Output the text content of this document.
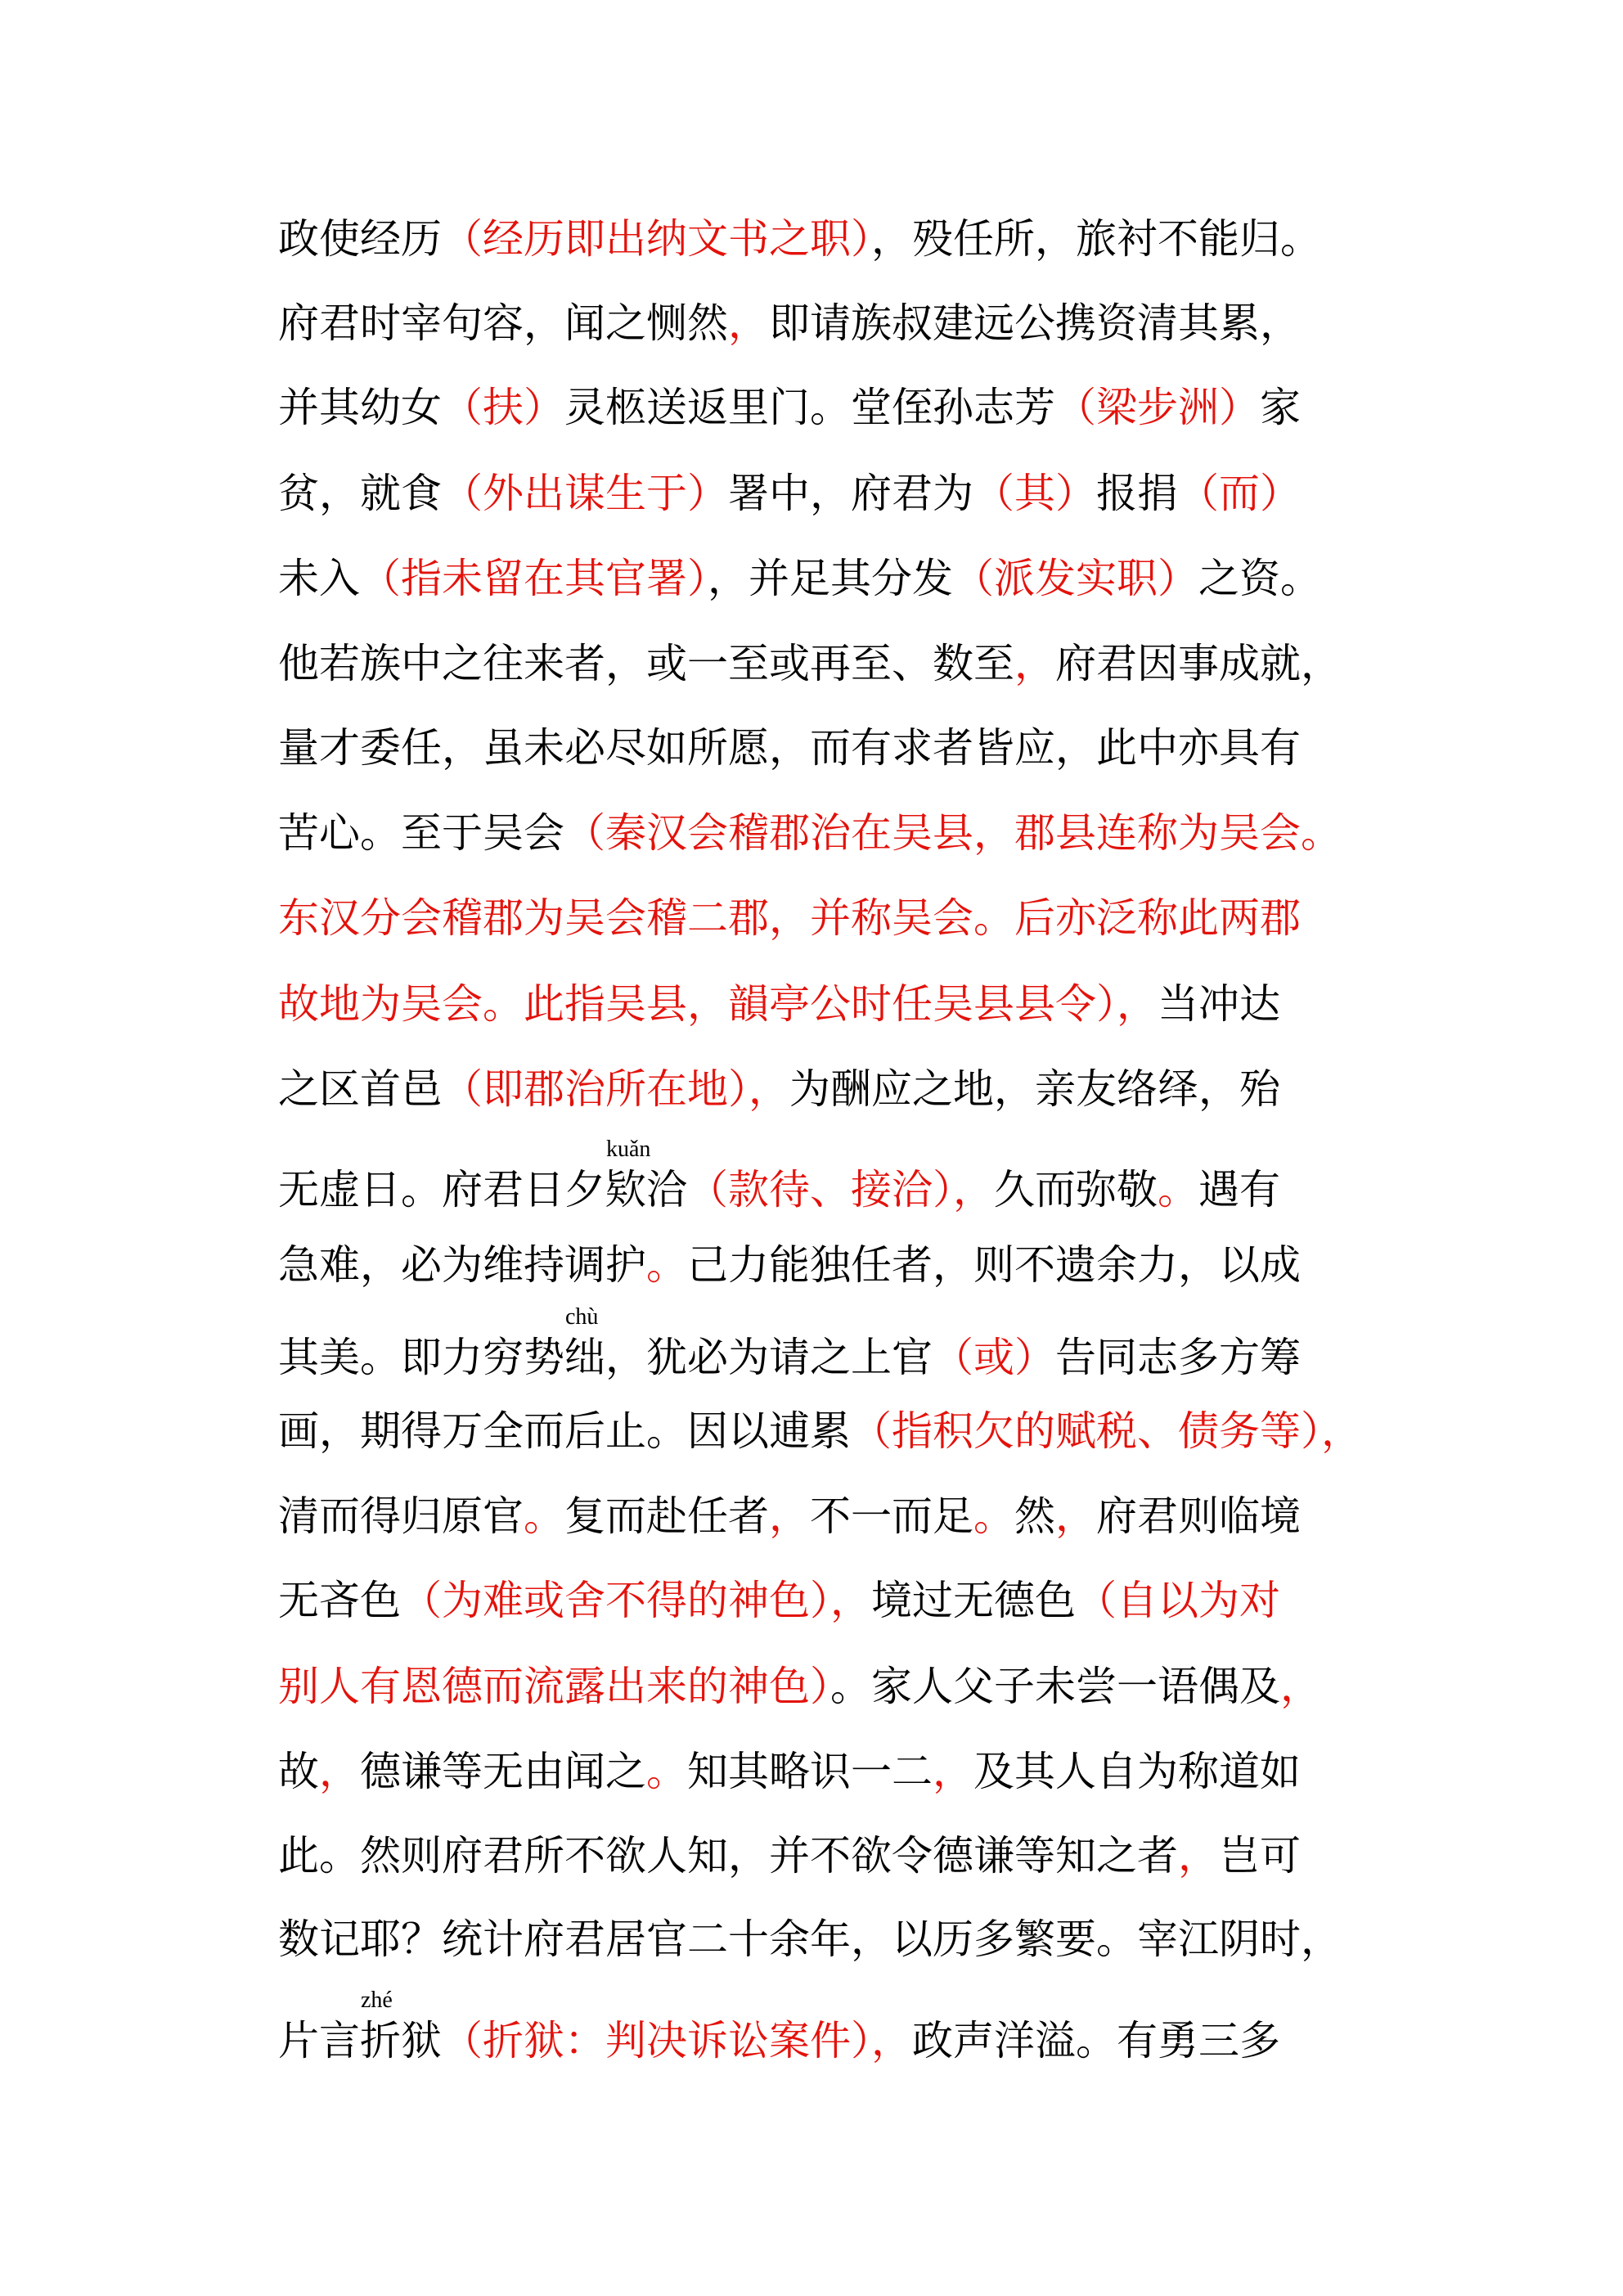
政使经历（经历即出纳文书之职），殁任所，旅衬不能归。
府君时宰句容，闻之恻然，即请族叔建远公携资清其累，
并其幼女（扶）灵柩送返里门。堂侄孙志芳（梁步洲）家
贫，就食（外出谋生于）署中，府君为（其）报捐（而）
未入（指未留在其官署），并足其分发（派发实职）之资。
他若族中之往来者，或一至或再至、数至，府君因事成就，
量才委任，虽未必尽如所愿，而有求者皆应，此中亦具有
苦心。至于吴会（秦汉会稽郡治在吴县，郡县连称为吴会。
东汉分会稽郡为吴会稽二郡，并称吴会。后亦泛称此两郡
故地为吴会。此指吴县，韻亭公时任吴县县令），当冲达
之区首邑（即郡治所在地），为酬应之地，亲友络绎，殆
无虚日。府君日夕
kuǎn
欵洽（款待、接洽），久而弥敬。遇有
急难，必为维持调护。己力能独任者，则不遗余力，以成
其美。即力穷势
chù
绌，犹必为请之上官（或）告同志多方筹
画，期得万全而后止。因以逋累（指积欠的赋税、债务等），
清而得归原官。复而赴任者，不一而足。然，府君则临境
无吝色（为难或舍不得的神色），境过无德色（自以为对
别人有恩德而流露出来的神色）。家人父子未尝一语偶及，
故，德谦等无由闻之。知其略识一二，及其人自为称道如
此。然则府君所不欲人知，并不欲令德谦等知之者，岂可
数记耶？统计府君居官二十余年，以历多繁要。宰江阴时，
片言
zhé
折狱（折狱：判决诉讼案件），政声洋溢。有勇三多
